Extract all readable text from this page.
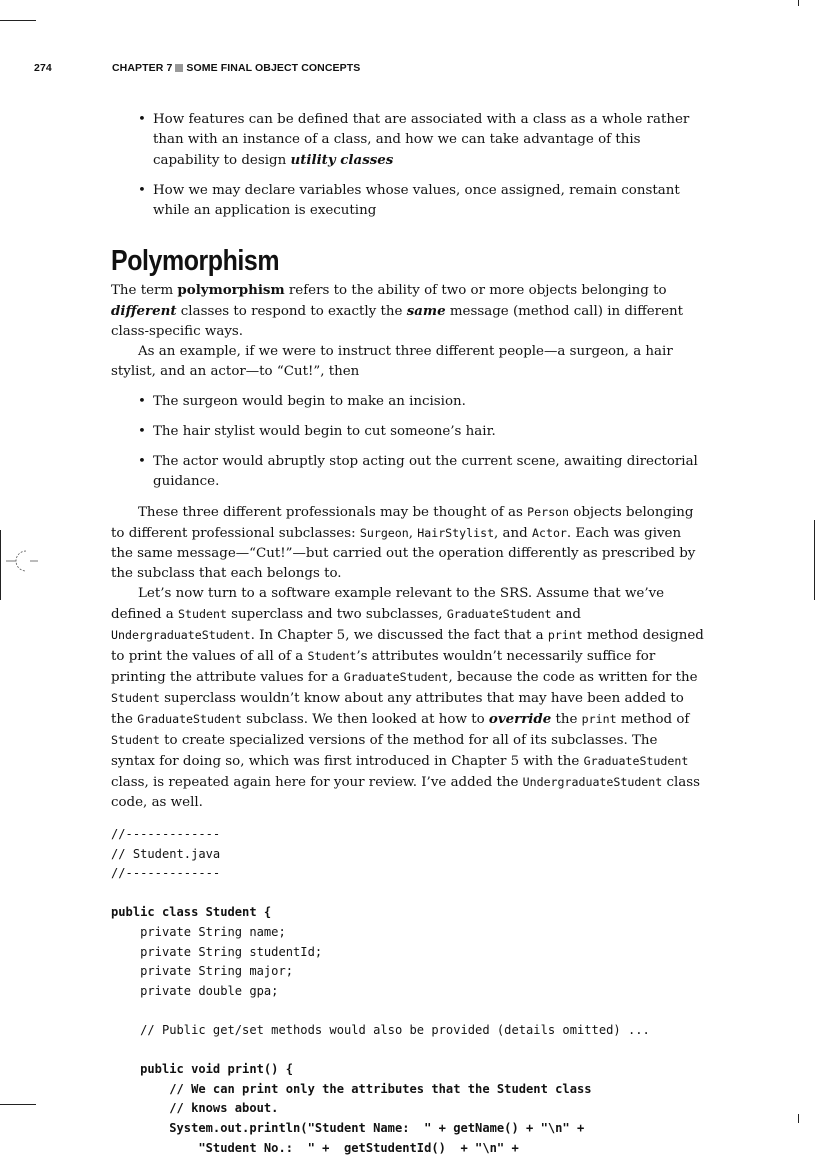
274	CHAPTER 7 SOME FINAL OBJECT CONCEPTS
• How features can be defined that are associated with a class as a whole rather than with an instance of a class, and how we can take advantage of this capability to design utility classes
• How we may declare variables whose values, once assigned, remain constant while an application is executing
Polymorphism

The term polymorphism refers to the ability of two or more objects belonging to different classes to respond to exactly the same message (method call) in different class-specific ways.

As an example, if we were to instruct three different people—a surgeon, a hair stylist, and an actor—to “Cut!”, then

• The surgeon would begin to make an incision.
• The hair stylist would begin to cut someone’s hair.
• The actor would abruptly stop acting out the current scene, awaiting directorial guidance.

These three different professionals may be thought of as Person objects belonging to different professional subclasses: Surgeon, HairStylist, and Actor. Each was given the same message—“Cut!”—but carried out the operation differently as prescribed by the subclass that each belongs to.

Let’s now turn to a software example relevant to the SRS. Assume that we’ve defined a Student superclass and two subclasses, GraduateStudent and UndergraduateStudent. In Chapter 5, we discussed the fact that a print method designed to print the values of all of a Student’s attributes wouldn’t necessarily suffice for printing the attribute values for a GraduateStudent, because the code as written for the Student superclass wouldn’t know about any attributes that may have been added to the GraduateStudent subclass. We then looked at how to override the print method of Student to create specialized versions of the method for all of its subclasses. The syntax for doing so, which was first introduced in Chapter 5 with the GraduateStudent class, is repeated again here for your review. I’ve added the UndergraduateStudent class code, as well.

//-------------
// Student.java
//-------------

public class Student {
private String name;
private String studentId;
private String major;
private double gpa;

// Public get/set methods would also be provided (details omitted) ...

public void print() {
// We can print only the attributes that the Student class
// knows about.
System.out.println("Student Name:  " + getName() + "\n" +
"Student No.:  " +  getStudentId()  + "\n" +
